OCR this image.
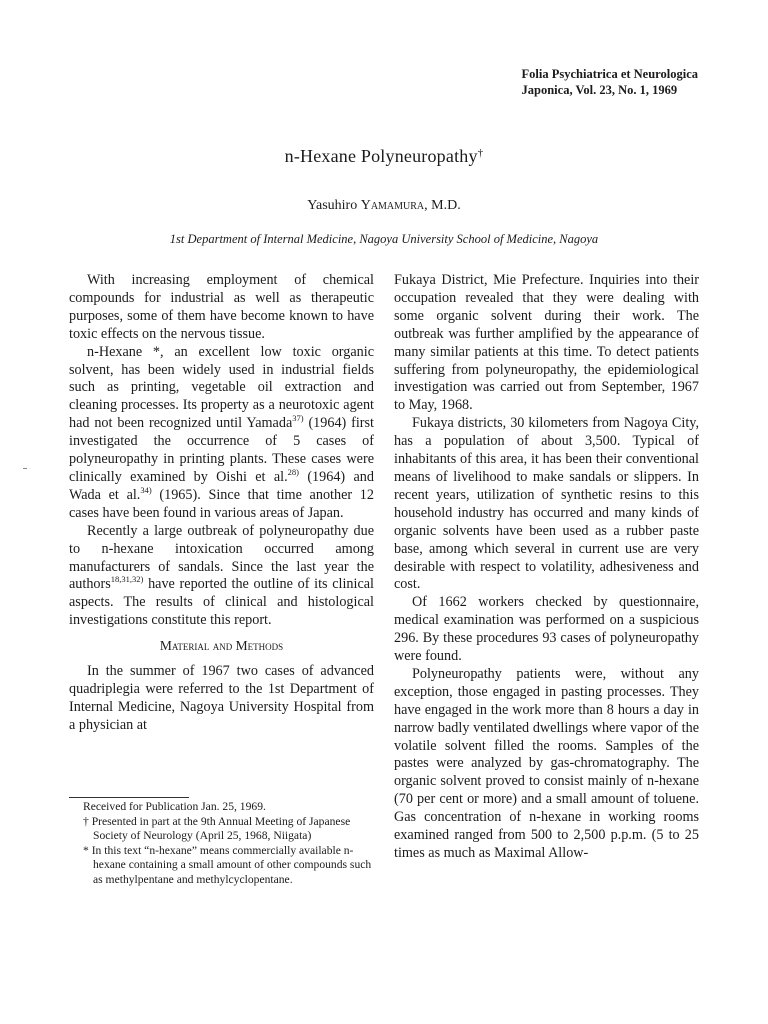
Folia Psychiatrica et Neurologica
Japonica, Vol. 23, No. 1, 1969
n-Hexane Polyneuropathy†
Yasuhiro Yamamura, M.D.
1st Department of Internal Medicine, Nagoya University School of Medicine, Nagoya

With increasing employment of chemical compounds for industrial as well as therapeutic purposes, some of them have become known to have toxic effects on the nervous tissue.

n-Hexane *, an excellent low toxic organic solvent, has been widely used in industrial fields such as printing, vegetable oil extraction and cleaning processes. Its property as a neurotoxic agent had not been recognized until Yamada$^{37)}$ (1964) first investigated the occurrence of 5 cases of polyneuropathy in printing plants. These cases were clinically examined by Oishi et al.$^{28)}$ (1964) and Wada et al.$^{34)}$ (1965). Since that time another 12 cases have been found in various areas of Japan.

Recently a large outbreak of polyneuropathy due to n-hexane intoxication occurred among manufacturers of sandals. Since the last year the authors$^{18,31,32)}$ have reported the outline of its clinical aspects. The results of clinical and histological investigations constitute this report.

Material and Methods

In the summer of 1967 two cases of advanced quadriplegia were referred to the 1st Department of Internal Medicine, Nagoya University Hospital from a physician at

Received for Publication Jan. 25, 1969.

† Presented in part at the 9th Annual Meeting of Japanese Society of Neurology (April 25, 1968, Niigata)

* In this text “n-hexane” means commercially available n-hexane containing a small amount of other compounds such as methylpentane and methylcyclopentane.

Fukaya District, Mie Prefecture. Inquiries into their occupation revealed that they were dealing with some organic solvent during their work. The outbreak was further amplified by the appearance of many similar patients at this time. To detect patients suffering from polyneuropathy, the epidemiological investigation was carried out from September, 1967 to May, 1968.

Fukaya districts, 30 kilometers from Nagoya City, has a population of about 3,500. Typical of inhabitants of this area, it has been their conventional means of livelihood to make sandals or slippers. In recent years, utilization of synthetic resins to this household industry has occurred and many kinds of organic solvents have been used as a rubber paste base, among which several in current use are very desirable with respect to volatility, adhesiveness and cost.

Of 1662 workers checked by questionnaire, medical examination was performed on a suspicious 296. By these procedures 93 cases of polyneuropathy were found.

Polyneuropathy patients were, without any exception, those engaged in pasting processes. They have engaged in the work more than 8 hours a day in narrow badly ventilated dwellings where vapor of the volatile solvent filled the rooms. Samples of the pastes were analyzed by gas-chromatography. The organic solvent proved to consist mainly of n-hexane (70 per cent or more) and a small amount of toluene. Gas concentration of n-hexane in working rooms examined ranged from 500 to 2,500 p.p.m. (5 to 25 times as much as Maximal Allow-
